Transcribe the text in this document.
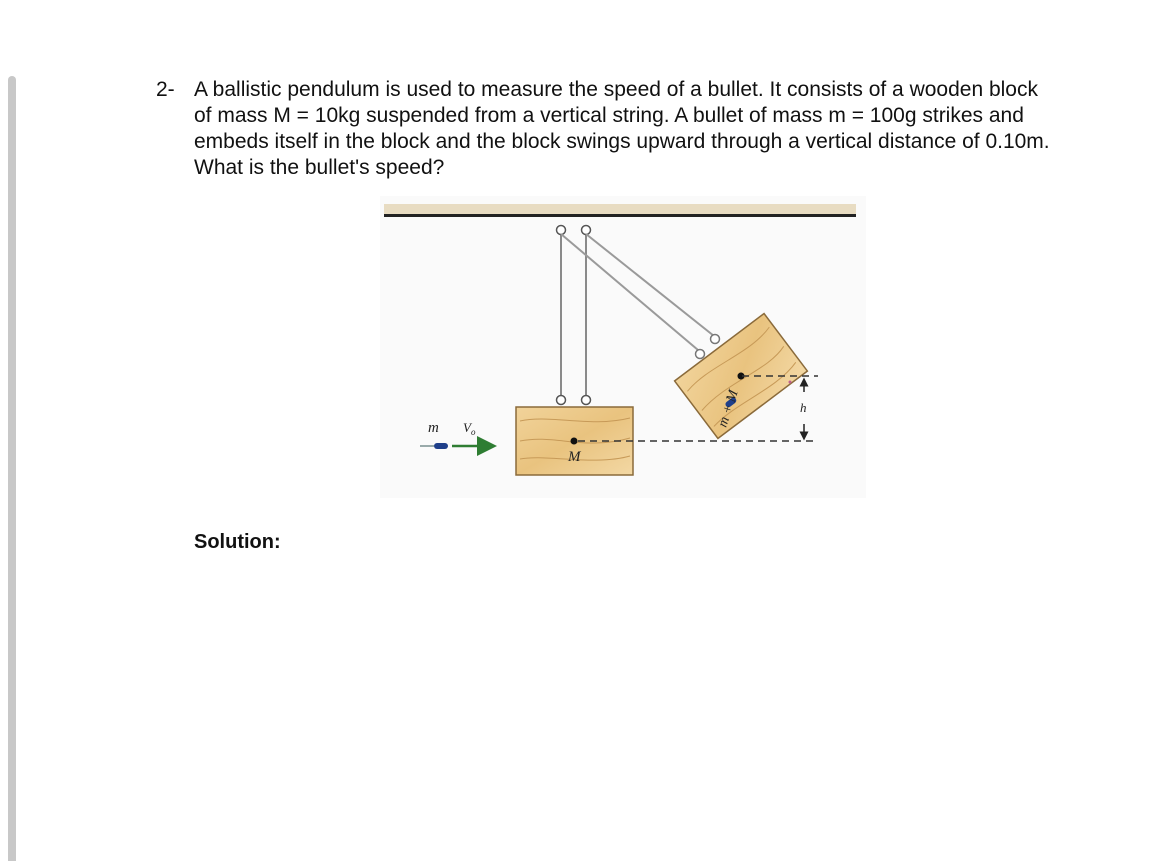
2- A ballistic pendulum is used to measure the speed of a bullet. It consists of a wooden block of mass M = 10kg suspended from a vertical string. A bullet of mass m = 100g strikes and embeds itself in the block and the block swings upward through a vertical distance of 0.10m. What is the bullet's speed?
M
m + M	h
m $V_o$
Solution:
